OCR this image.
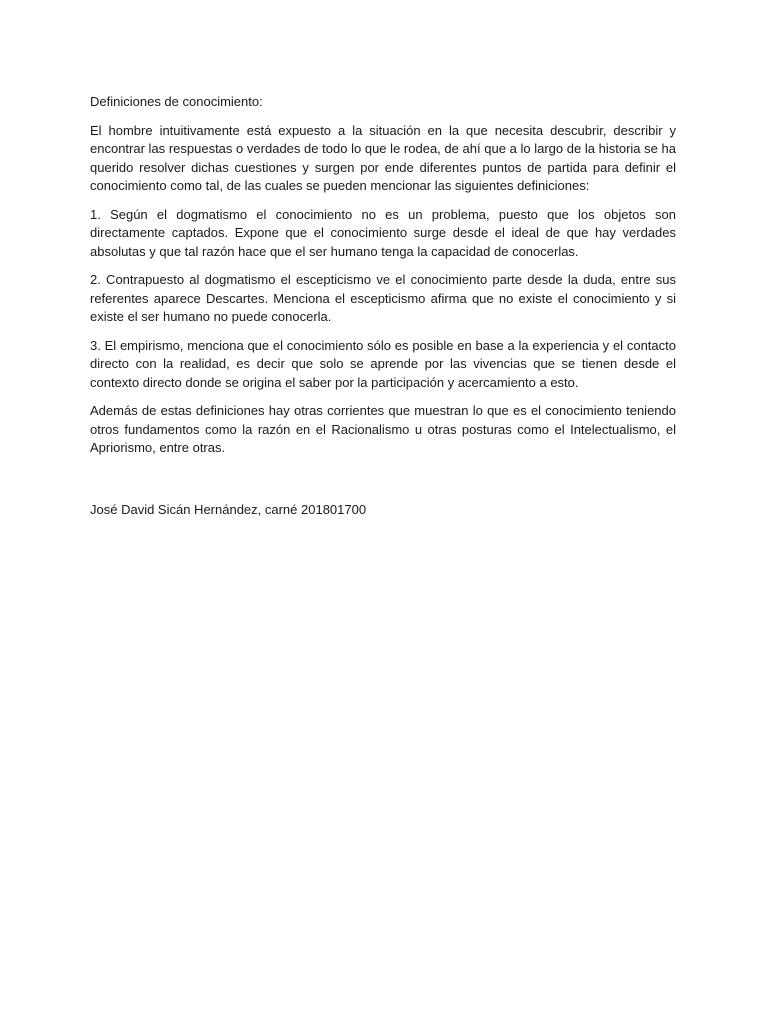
Definiciones de conocimiento:

El hombre intuitivamente está expuesto a la situación en la que necesita descubrir, describir y encontrar las respuestas o verdades de todo lo que le rodea, de ahí que a lo largo de la historia se ha querido resolver dichas cuestiones y surgen por ende diferentes puntos de partida para definir el conocimiento como tal, de las cuales se pueden mencionar las siguientes definiciones:

1. Según el dogmatismo el conocimiento no es un problema, puesto que los objetos son directamente captados. Expone que el conocimiento surge desde el ideal de que hay verdades absolutas y que tal razón hace que el ser humano tenga la capacidad de conocerlas.

2. Contrapuesto al dogmatismo el escepticismo ve el conocimiento parte desde la duda, entre sus referentes aparece Descartes. Menciona el escepticismo afirma que no existe el conocimiento y si existe el ser humano no puede conocerla.

3. El empirismo, menciona que el conocimiento sólo es posible en base a la experiencia y el contacto directo con la realidad, es decir que solo se aprende por las vivencias que se tienen desde el contexto directo donde se origina el saber por la participación y acercamiento a esto.

Además de estas definiciones hay otras corrientes que muestran lo que es el conocimiento teniendo otros fundamentos como la razón en el Racionalismo u otras posturas como el Intelectualismo, el Apriorismo, entre otras.

José David Sicán Hernández, carné 201801700
